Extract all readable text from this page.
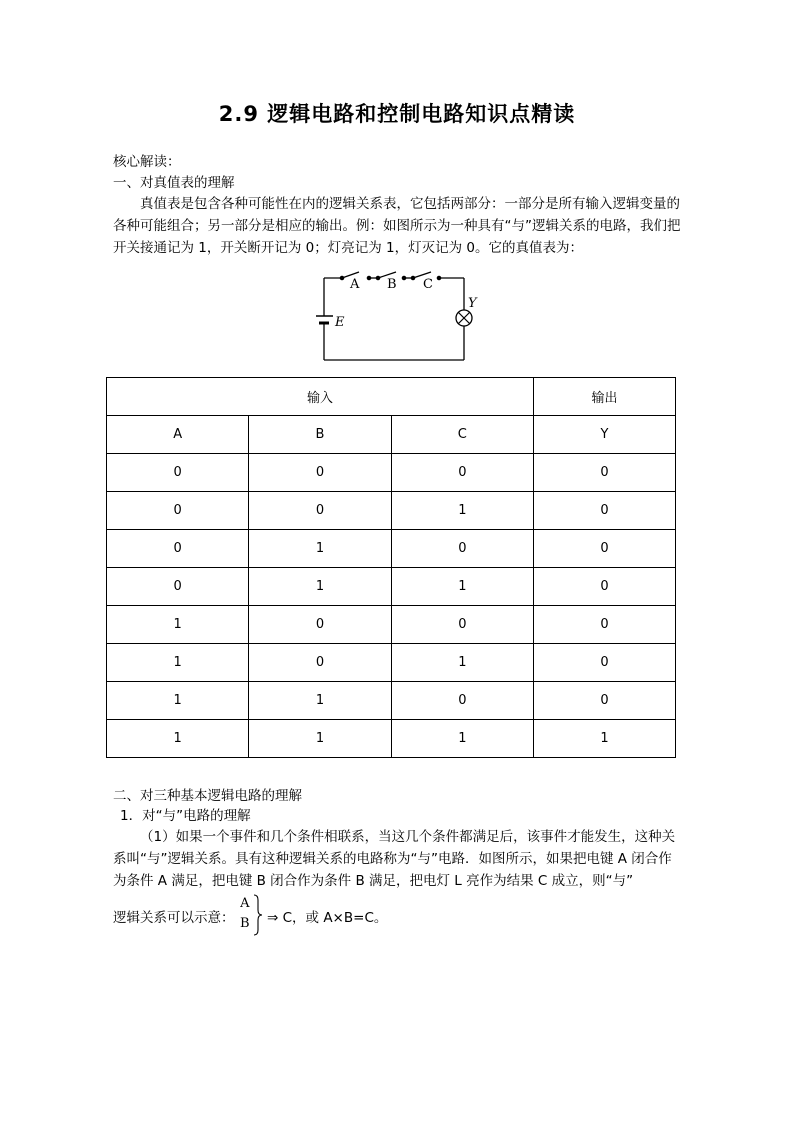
2.9 逻辑电路和控制电路知识点精读
核心解读：
一、对真值表的理解
真值表是包含各种可能性在内的逻辑关系表，它包括两部分：一部分是所有输入逻辑变量的各种可能组合；另一部分是相应的输出。例：如图所示为一种具有“与”逻辑关系的电路，我们把开关接通记为 1，开关断开记为 0；灯亮记为 1，灯灭记为 0。它的真值表为：
A B C
Y
E
输入			输出
A	B	C	Y
0	0	0	0
0	0	1	0
0	1	0	0
0	1	1	0
1	0	0	0
1	0	1	0
1	1	0	0
1	1	1	1
二、对三种基本逻辑电路的理解
1．对“与”电路的理解
（1）如果一个事件和几个条件相联系，当这几个条件都满足后，该事件才能发生，这种关系叫“与”逻辑关系。具有这种逻辑关系的电路称为“与”电路．如图所示，如果把电键 A 闭合作为条件 A 满足，把电键 B 闭合作为条件 B 满足，把电灯 L 亮作为结果 C 成立，则“与”
逻辑关系可以示意：
A
B ⇒ C，或 A×B=C。
